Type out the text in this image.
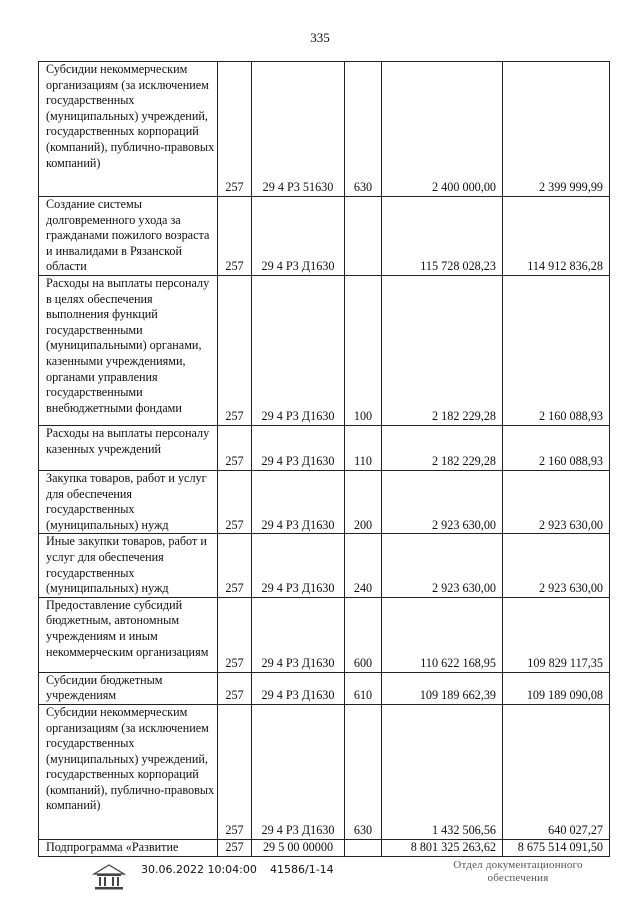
335
Субсидии некоммерческим организациям (за исключением государственных (муниципальных) учреждений, государственных корпораций (компаний), публично-правовых компаний)	257	29 4 Р3 51630	630	2 400 000,00	2 399 999,99
Создание системы долговременного ухода за гражданами пожилого возраста и инвалидами в Рязанской области	257	29 4 Р3 Д1630		115 728 028,23	114 912 836,28
Расходы на выплаты персоналу в целях обеспечения выполнения функций государственными (муниципальными) органами, казенными учреждениями, органами управления государственными внебюджетными фондами	257	29 4 Р3 Д1630	100	2 182 229,28	2 160 088,93
Расходы на выплаты персоналу казенных учреждений	257	29 4 Р3 Д1630	110	2 182 229,28	2 160 088,93
Закупка товаров, работ и услуг для обеспечения государственных (муниципальных) нужд	257	29 4 Р3 Д1630	200	2 923 630,00	2 923 630,00
Иные закупки товаров, работ и услуг для обеспечения государственных (муниципальных) нужд	257	29 4 Р3 Д1630	240	2 923 630,00	2 923 630,00
Предоставление субсидий бюджетным, автономным учреждениям и иным некоммерческим организациям	257	29 4 Р3 Д1630	600	110 622 168,95	109 829 117,35
Субсидии бюджетным учреждениям	257	29 4 Р3 Д1630	610	109 189 662,39	109 189 090,08
Субсидии некоммерческим организациям (за исключением государственных (муниципальных) учреждений, государственных корпораций (компаний), публично-правовых компаний)	257	29 4 Р3 Д1630	630	1 432 506,56	640 027,27
Подпрограмма «Развитие	257	29 5 00 00000		8 801 325 263,62	8 675 514 091,50
30.06.2022 10:04:00 41586/1-14	Отдел документационного обеспечения
